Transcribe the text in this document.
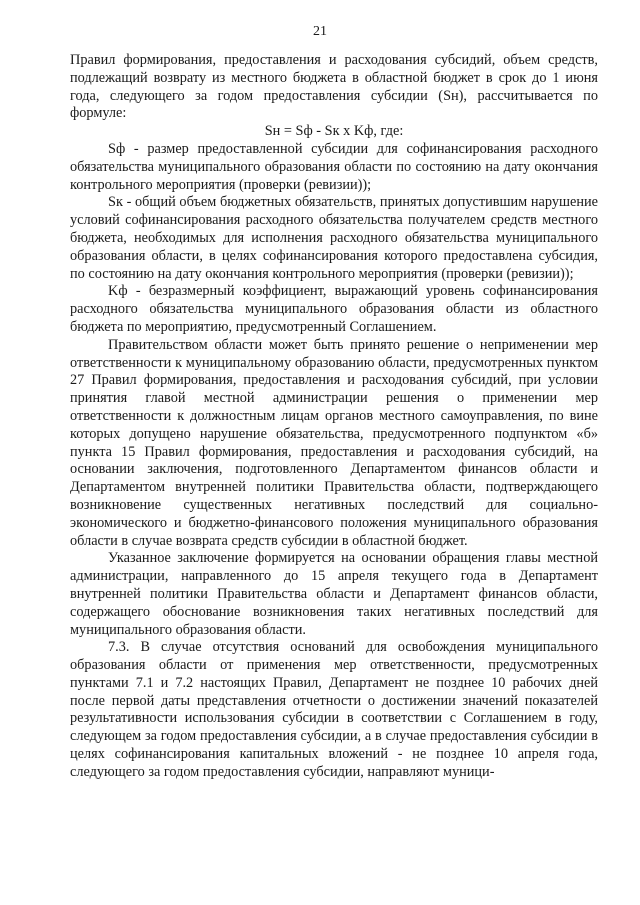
21

Правил формирования, предоставления и расходования субсидий, объем средств, подлежащий возврату из местного бюджета в областной бюджет в срок до 1 июня года, следующего за годом предоставления субсидии (Sн), рассчитывается по формуле:

Sн = Sф - Sк x Kф, где:

Sф - размер предоставленной субсидии для софинансирования расходного обязательства муниципального образования области по состоянию на дату окончания контрольного мероприятия (проверки (ревизии));

Sк - общий объем бюджетных обязательств, принятых допустившим нарушение условий софинансирования расходного обязательства получателем средств местного бюджета, необходимых для исполнения расходного обязательства муниципального образования области, в целях софинансирования которого предоставлена субсидия, по состоянию на дату окончания контрольного мероприятия (проверки (ревизии));

Kф - безразмерный коэффициент, выражающий уровень софинансирования расходного обязательства муниципального образования области из областного бюджета по мероприятию, предусмотренный Соглашением.

Правительством области может быть принято решение о неприменении мер ответственности к муниципальному образованию области, предусмотренных пунктом 27 Правил формирования, предоставления и расходования субсидий, при условии принятия главой местной администрации решения о применении мер ответственности к должностным лицам органов местного самоуправления, по вине которых допущено нарушение обязательства, предусмотренного подпунктом «б» пункта 15 Правил формирования, предоставления и расходования субсидий, на основании заключения, подготовленного Департаментом финансов области и Департаментом внутренней политики Правительства области, подтверждающего возникновение существенных негативных последствий для социально-экономического и бюджетно-финансового положения муниципального образования области в случае возврата средств субсидии в областной бюджет.

Указанное заключение формируется на основании обращения главы местной администрации, направленного до 15 апреля текущего года в Департамент внутренней политики Правительства области и Департамент финансов области, содержащего обоснование возникновения таких негативных последствий для муниципального образования области.

7.3. В случае отсутствия оснований для освобождения муниципального образования области от применения мер ответственности, предусмотренных пунктами 7.1 и 7.2 настоящих Правил, Департамент не позднее 10 рабочих дней после первой даты представления отчетности о достижении значений показателей результативности использования субсидии в соответствии с Соглашением в году, следующем за годом предоставления субсидии, а в случае предоставления субсидии в целях софинансирования капитальных вложений - не позднее 10 апреля года, следующего за годом предоставления субсидии, направляют муници-
